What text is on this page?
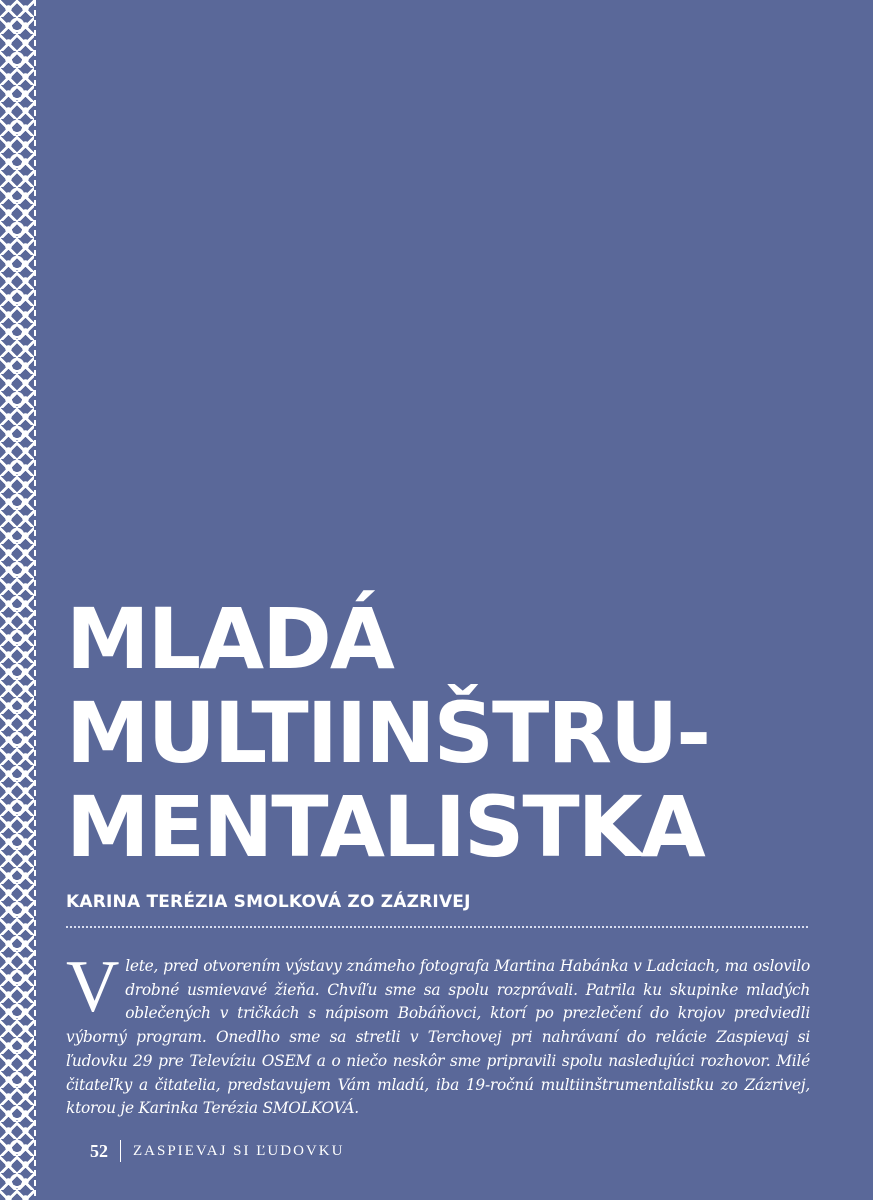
MLADÁ
MULTIINŠTRU-
MENTALISTKA
KARINA TERÉZIA SMOLKOVÁ ZO ZÁZRIVEJ
V lete, pred otvorením výstavy známeho fotografa Martina Habánka v Ladciach, ma oslovilo drobné usmievavé žieňa. Chvíľu sme sa spolu rozprávali. Patrila ku skupinke mladých oblečených v tričkách s nápisom Bobáňovci, ktorí po prezlečení do krojov predviedli výborný program. Onedlho sme sa stretli v Terchovej pri nahrávaní do relácie Zaspievaj si ľudovku 29 pre Televíziu OSEM a o niečo neskôr sme pripravili spolu nasledujúci rozhovor. Milé čitateľky a čitatelia, predstavujem Vám mladú, iba 19-ročnú multiinštrumentalistku zo Zázrivej, ktorou je Karinka Terézia SMOLKOVÁ.
52 ZASPIEVAJ SI ĽUDOVKU
